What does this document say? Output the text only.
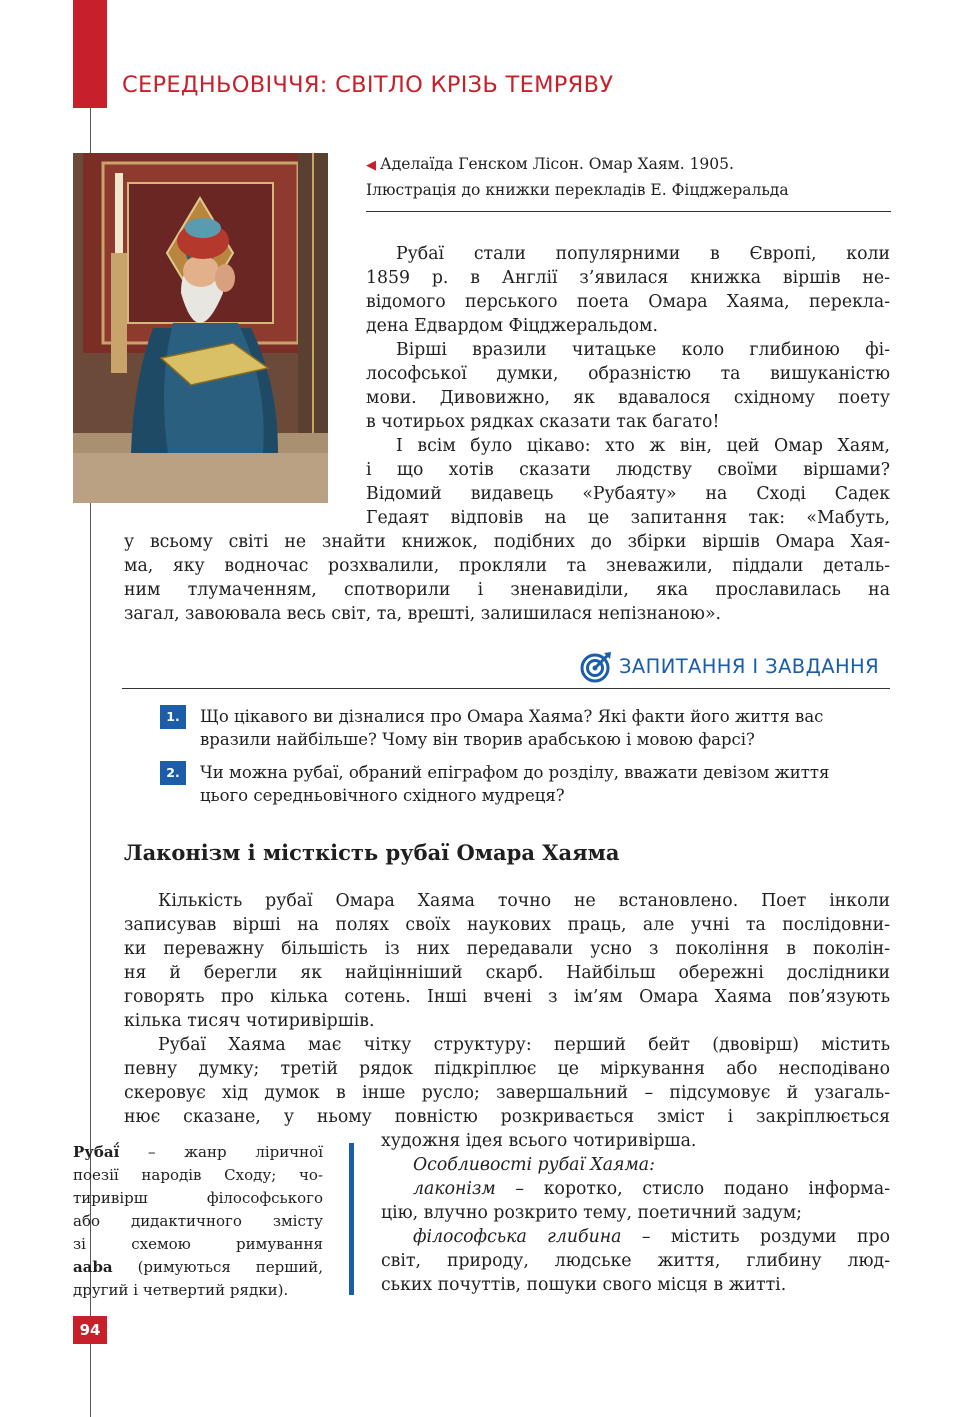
СЕРЕДНЬОВІЧЧЯ: СВІТЛО КРІЗЬ ТЕМРЯВУ
◀ Аделаїда Генском Лісон. Омар Хаям. 1905.
Ілюстрація до книжки перекладів Е. Фіцджеральда
Рубаї стали популярними в Європі, коли
1859 р. в Англії з’явилася книжка віршів не-
відомого перського поета Омара Хаяма, перекла-
дена Едвардом Фіцджеральдом.
Вірші вразили читацьке коло глибиною фі-
лософської думки, образністю та вишуканістю
мови. Дивовижно, як вдавалося східному поету
в чотирьох рядках сказати так багато!
І всім було цікаво: хто ж він, цей Омар Хаям,
і що хотів сказати людству своїми віршами?
Відомий видавець «Рубаяту» на Сході Садек
Гедаят відповів на це запитання так: «Мабуть,
у всьому світі не знайти книжок, подібних до збірки віршів Омара Хая-
ма, яку водночас розхвалили, прокляли та зневажили, піддали деталь-
ним тлумаченням, спотворили і зненавиділи, яка прославилась на
загал, завоювала весь світ, та, врешті, залишилася непізнаною».
ЗАПИТАННЯ І ЗАВДАННЯ
1.	Що цікавого ви дізналися про Омара Хаяма? Які факти його життя вас
вразили найбільше? Чому він творив арабською і мовою фарсі?
2.	Чи можна рубаї, обраний епіграфом до розділу, вважати девізом життя
цього середньовічного східного мудреця?
Лаконізм і місткість рубаї Омара Хаяма
Кількість рубаї Омара Хаяма точно не встановлено. Поет інколи
записував вірші на полях своїх наукових праць, але учні та послідовни-
ки переважну більшість із них передавали усно з покоління в поколін-
ня й берегли як найцінніший скарб. Найбільш обережні дослідники
говорять про кілька сотень. Інші вчені з ім’ям Омара Хаяма пов’язують
кілька тисяч чотиривіршів.
Рубаї Хаяма має чітку структуру: перший бейт (двовірш) містить
певну думку; третій рядок підкріплює це міркування або несподівано
скеровує хід думок в інше русло; завершальний – підсумовує й узагаль-
нює сказане, у ньому повністю розкривається зміст і закріплюється
художня ідея всього чотиривірша.
Особливості рубаї Хаяма:
лаконізм – коротко, стисло подано інформа-
цію, влучно розкрито тему, поетичний задум;
філософська глибина – містить роздуми про
світ, природу, людське життя, глибину люд-
ських почуттів, пошуки свого місця в житті.
Рубаї́ – жанр ліричної
поезії народів Сходу; чо-
тиривірш філософського
або дидактичного змісту
зі схемою римування
aaba (римуються перший,
другий і четвертий рядки).
94
